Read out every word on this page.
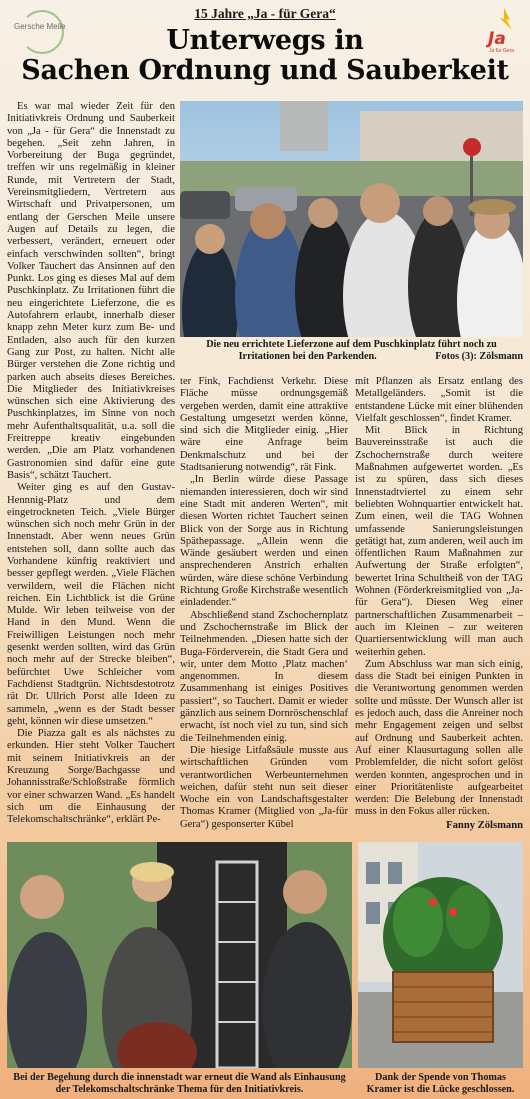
Gersche Meile
Ja
Ja für Gera
15 Jahre „Ja - für Gera“
Unterwegs in
Sachen Ordnung und Sauberkeit

Es war mal wieder Zeit für den Initiativkreis Ordnung und Sauberkeit von „Ja - für Gera“ die Innenstadt zu begehen. „Seit zehn Jahren, in Vorbereitung der Buga gegründet, treffen wir uns regelmäßig in kleiner Runde, mit Vertretern der Stadt, Vereinsmitgliedern, Vertretern aus Wirtschaft und Privatpersonen, um entlang der Gerschen Meile unsere Augen auf Details zu legen, die verbessert, verändert, erneuert oder einfach verschwinden sollten“, bringt Volker Tauchert das Ansinnen auf den Punkt. Los ging es dieses Mal auf dem Puschkinplatz. Zu Irritationen führt die neu eingerichtete Lieferzone, die es Autofahrern erlaubt, innerhalb dieser knapp zehn Meter kurz zum Be- und Entladen, also auch für den kurzen Gang zur Post, zu halten. Nicht alle Bürger verstehen die Zone richtig und parken auch abseits dieses Bereiches. Die Mitglieder des Initiativkreises wünschen sich eine Aktivierung des Puschkinplatzes, im Sinne von noch mehr Aufenthaltsqualität, u.a. soll die Freitreppe kreativ eingebunden werden. „Die am Platz vorhandenen Gastronomien sind dafür eine gute Basis“, schätzt Tauchert.

Weiter ging es auf den Gustav-Hennnig-Platz und dem eingetrockneten Teich. „Viele Bürger wünschen sich noch mehr Grün in der Innenstadt. Aber wenn neues Grün entstehen soll, dann sollte auch das Vorhandene künftig reaktiviert und besser gepflegt werden. „Viele Flächen verwildern, weil die Flächen nicht reichen. Ein Lichtblick ist die Grüne Mulde. Wir leben teilweise von der Hand in den Mund. Wenn die Freiwilligen Leistungen noch mehr gesenkt werden sollten, wird das Grün noch mehr auf der Strecke bleiben“, befürchtet Uwe Schleicher vom Fachdienst Stadtgrün. Nichtsdestotrotz rät Dr. Ullrich Porst alle Ideen zu sammeln, „wenn es der Stadt besser geht, können wir diese umsetzen.“

Die Piazza galt es als nächstes zu erkunden. Hier steht Volker Tauchert mit seinem Initiativkreis an der Kreuzung Sorge/Bachgasse und Johannisstraße/Schloßstraße förmlich vor einer schwarzen Wand. „Es handelt sich um die Einhausung der Telekomschaltschränke“, erklärt Pe-

Die neu errichtete Lieferzone auf dem Puschkinplatz führt noch zu Irritationen bei den Parkenden.	Fotos (3): Zölsmann

ter Fink, Fachdienst Verkehr. Diese Fläche müsse ordnungsgemäß vergeben werden, damit eine attraktive Gestaltung umgesetzt werden könne, sind sich die Mitglieder einig. „Hier wäre eine Anfrage beim Denkmalschutz und bei der Stadtsanierung notwendig“, rät Fink.

„In Berlin würde diese Passage niemanden interessieren, doch wir sind eine Stadt mit anderen Werten“, mit diesen Worten richtet Tauchert seinen Blick von der Sorge aus in Richtung Späthepassage. „Allein wenn die Wände gesäubert werden und einen ansprechenderen Anstrich erhalten würden, wäre diese schöne Verbindung Richtung Große Kirchstraße wesentlich einladender.“

Abschließend stand Zschochernplatz und Zschochernstraße im Blick der Teilnehmenden. „Diesen hatte sich der Buga-Förderverein, die Stadt Gera und wir, unter dem Motto ‚Platz machen‘ angenommen. In diesem Zusammenhang ist einiges Positives passiert“, so Tauchert. Damit er wieder gänzlich aus seinem Dornröschenschlaf erwacht, ist noch viel zu tun, sind sich die Teilnehmenden einig.

Die hiesige Litfaßsäule musste aus wirtschaftlichen Gründen vom verantwortlichen Werbeunternehmen weichen, dafür steht nun seit dieser Woche ein von Landschaftsgestalter Thomas Kramer (Mitglied von „Ja-für Gera“) gesponserter Kübel

mit Pflanzen als Ersatz entlang des Metallgeländers. „Somit ist die entstandene Lücke mit einer blühenden Vielfalt geschlossen“, findet Kramer.

Mit Blick in Richtung Bauvereinsstraße ist auch die Zschochernstraße durch weitere Maßnahmen aufgewertet worden. „Es ist zu spüren, dass sich dieses Innenstadtviertel zu einem sehr beliebten Wohnquartier entwickelt hat. Zum einen, weil die TAG Wohnen umfassende Sanierungsleistungen getätigt hat, zum anderen, weil auch im öffentlichen Raum Maßnahmen zur Aufwertung der Straße erfolgten“, bewertet Irina Schultheiß von der TAG Wohnen (Förderkreismitglied von „Ja-für Gera“). Diesen Weg einer partnerschaftlichen Zusammenarbeit – auch im Kleinen – zur weiteren Quartiersentwicklung will man auch weiterhin gehen.

Zum Abschluss war man sich einig, dass die Stadt bei einigen Punkten in die Verantwortung genommen werden sollte und müsste. Der Wunsch aller ist es jedoch auch, dass die Anreiner noch mehr Engagement zeigen und selbst auf Ordnung und Sauberkeit achten. Auf einer Klausurtagung sollen alle Problemfelder, die nicht sofort gelöst werden konnten, angesprochen und in einer Prioritätenliste aufgearbeitet werden: Die Belebung der Innenstadt muss in den Fokus aller rücken.

Fanny Zölsmann

Bei der Begehung durch die innenstadt war erneut die Wand als Einhausung der Telekomschaltschränke Thema für den Initiativkreis.
Dank der Spende von Thomas Kramer ist die Lücke geschlossen.
